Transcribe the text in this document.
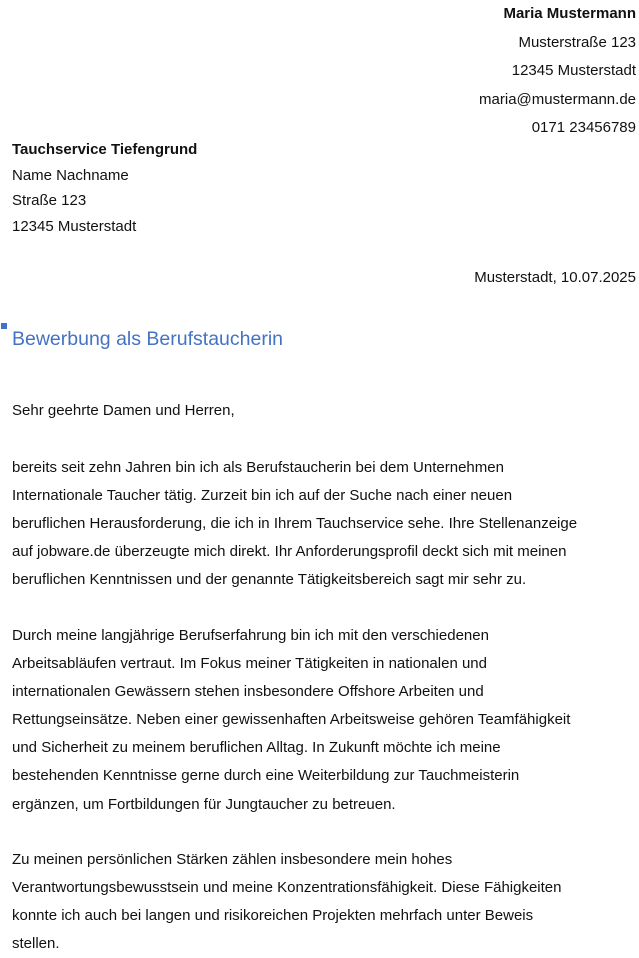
Maria Mustermann
Musterstraße 123
12345 Musterstadt
maria@mustermann.de
0171 23456789
Tauchservice Tiefengrund
Name Nachname
Straße 123
12345 Musterstadt
Musterstadt, 10.07.2025
Bewerbung als Berufstaucherin
Sehr geehrte Damen und Herren,
bereits seit zehn Jahren bin ich als Berufstaucherin bei dem Unternehmen
Internationale Taucher tätig. Zurzeit bin ich auf der Suche nach einer neuen
beruflichen Herausforderung, die ich in Ihrem Tauchservice sehe. Ihre Stellenanzeige
auf jobware.de überzeugte mich direkt. Ihr Anforderungsprofil deckt sich mit meinen
beruflichen Kenntnissen und der genannte Tätigkeitsbereich sagt mir sehr zu.
Durch meine langjährige Berufserfahrung bin ich mit den verschiedenen
Arbeitsabläufen vertraut. Im Fokus meiner Tätigkeiten in nationalen und
internationalen Gewässern stehen insbesondere Offshore Arbeiten und
Rettungseinsätze. Neben einer gewissenhaften Arbeitsweise gehören Teamfähigkeit
und Sicherheit zu meinem beruflichen Alltag. In Zukunft möchte ich meine
bestehenden Kenntnisse gerne durch eine Weiterbildung zur Tauchmeisterin
ergänzen, um Fortbildungen für Jungtaucher zu betreuen.
Zu meinen persönlichen Stärken zählen insbesondere mein hohes
Verantwortungsbewusstsein und meine Konzentrationsfähigkeit. Diese Fähigkeiten
konnte ich auch bei langen und risikoreichen Projekten mehrfach unter Beweis
stellen.
